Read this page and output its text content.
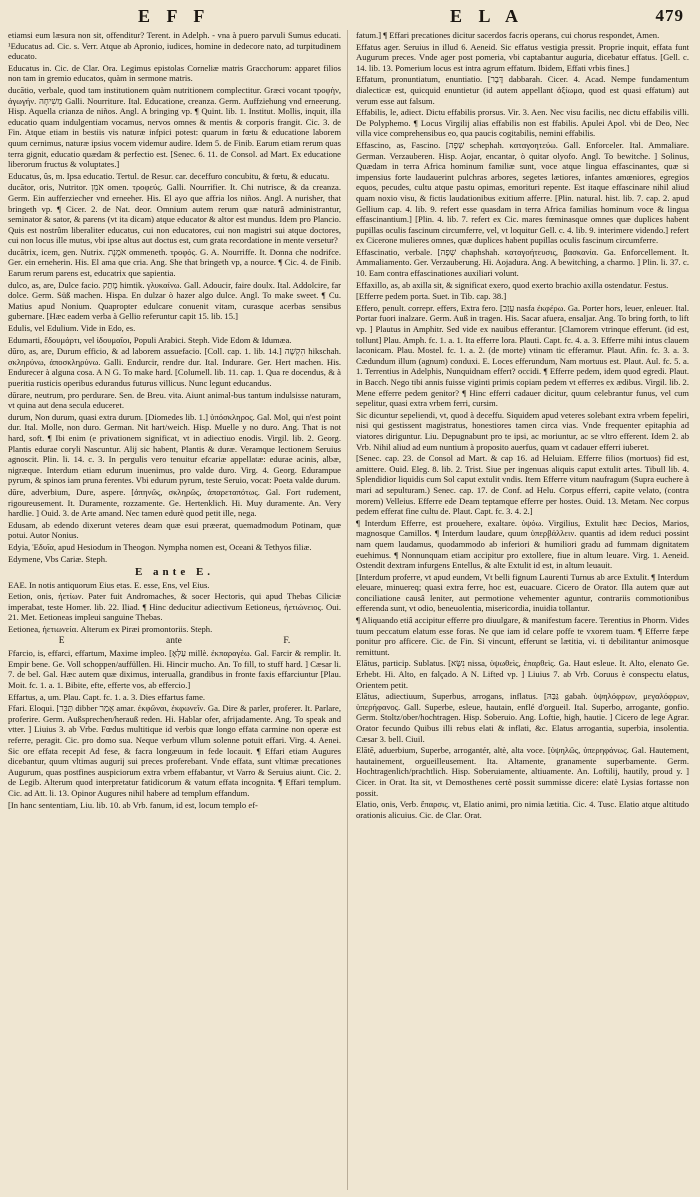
E F F	E L A	479
etiamsi eum læsura non sit, offenditur? Terent. in Adelph. - vna à puero parvuli Sumus educati. ¹Educatus ad. Cic. s. Verr. Atque ab Apronio, iudices, homine in dedecore nato, ad turpitudinem educato.
Educatus in. Cic. de Clar. Ora. Legimus epistolas Corneliæ matris Gracchorum: apparet filios non tam in gremio educatos, quàm in sermone matris.
ducātio, verbale, quod tam institutionem quàm nutritionem complectitur. Græci vocant τροφὴν, ἀγωγήν. מְשִׁיחָה Galli. Nourriture. Ital. Educatione, creanza. Germ. Auffziehung vnd erneerung. Hisp. Aquella crianza de niños. Angl. A bringing vp. ¶ Quint. lib. 1. Institut. Mollis, inquit, illa educatio quam indulgentiam vocamus, nervos omnes & mentis & corporis frangit. Cic. 3. de Fin. Atque etiam in bestiis vis naturæ infpici potest: quarum in fœtu & educatione laborem quum cernimus, naturæ ipsius vocem videmur audire. Idem 5. de Finib. Earum etiam rerum quas terra gignit, educatio quædam & perfectio est. [Senec. 6. 11. de Consol. ad Mart. Ex educatione liberorum fructus & voluptates.]
Educatus, ûs, m. Ipsa educatio. Tertul. de Resur. car. deceffuro concubitu, & fœtu, & educatu.
ducātor, oris, Nutritor. אֹמֵן omen. τροφεύς. Galli. Nourrifier. It. Chi nutrisce, & da creanza. Germ. Ein aufferziecher vnd erneeher. His. El ayo que affria los niños. Angl. A nurisher, that bringeth vp. ¶ Cicer. 2. de Nat. deor. Omnium autem rerum quæ naturâ administrantur, seminator & sator, & parens (vt ita dicam) atque educator & altor est mundus. Idem pro Plancio. Quis est nostrûm liberaliter educatus, cui non educatores, cui non magistri sui atque doctores, cui non locus ille mutus, vbi ipse altus aut doctus est, cum grata recordatione in mente versetur?
ducātrix, icem, gen. Nutrix. אֹמֶנֶת ommeneth. τροφός. G. A. Nourriffe. It. Donna che nodrifce. Ger. ein erneherin. His. El ama que cria. Ang. She that bringeth vp, a nource. ¶ Cic. 4. de Finib. Earum rerum parens est, educatrix que sapientia.
dulco, as, are, Dulce facio. מָתַק himtik. γλυκαίνω. Gall. Adoucir, faire doulx. Ital. Addolcire, far dolce. Germ. Süß machen. Hispa. En dulzar ò hazer algo dulce. Angl. To make sweet. ¶ Cu. Matius apud Nonium. Quapropter edulcare conuenit vitam, curasque acerbas sensibus gubernare. [Hæc eadem verba à Gellio referuntur capit 15. lib. 15.]
Edulis, vel Edulium. Vide in Edo, es.
Edumarti, ἔδουμάρτι, vel ἰδουμαῖοι, Populi Arabici. Steph. Vide Edom & Idumæa.
dūro, as, are, Durum efficio, & ad laborem assuefacio. [Coll. cap. 1. lib. 14.] הִקְשָׁה hikschah. σκληρύνω, ἀποσκληρύνω. Galli. Endurcir, rendre dur. Ital. Indurare. Ger. Hert machen. His. Endurecer à alguna cosa. A N G. To make hard. [Columell. lib. 11. cap. 1. Qua re docendus, & à pueritia rusticis operibus edurandus futurus villicus. Nunc legunt educandus.
dūrare, neutrum, pro perdurare. Sen. de Breu. vita. Aiunt animal-bus tantum indulsisse naturam, vt quina aut dena secula educeret.
durum, Non durum, quasi extra durum. [Diomedes lib. 1.] ὑπόσκληρος. Gal. Mol, qui n'est point dur. Ital. Molle, non duro. German. Nit hart/weich. Hisp. Muelle y no duro. Ang. That is not hard, soft. ¶ Ibi enim (e privationem significat, vt in adiectiuo enodis. Virgil. lib. 2. Georg. Plantis edurae coryli Nascuntur. Alij sic habent, Plantis & duræ. Veramque lectionem Seruius agnoscit. Plin. li. 14. c. 3. In pergulis vero tenuitur efcariæ appellatæ: edurae acinis, albæ, nigræque. Interdum etiam edurum inuenimus, pro valde duro. Virg. 4. Georg. Edurampue pyrum, & spinos iam pruna ferentes. Vbi edurum pyrum, teste Seruio, vocat: Poeta valde durum.
dūre, adverbium, Dure, aspere. [ἀπηνῶς, σκληρῶς, ἀπαρεταπότως. Gal. Fort rudement, rigoureusement. It. Duramente, rozzamente. Ge. Hertenklich. Hi. Muy duramente. An. Very hardlie. ] Ouid. 3. de Arte amand. Nec tamen edurè quod petit ille, nega.
Edusam, ab edendo dixerunt veteres deam quæ esui præerat, quemadmodum Potinam, quæ potui. Autor Nonius.
Edyia, Ἐδυῖα, apud Hesiodum in Theogon. Nympha nomen est, Oceani & Tethyos filiæ.
Edymene, Vbs Cariæ. Steph.
E ante E.
EAE. In notis antiquorum Eius etas. E. esse, Ens, vel Eius.
Eetion, onis, ἠετίων. Pater fuit Andromaches, & socer Hectoris, qui apud Thebas Ciliciæ imperabat, teste Homer. lib. 22. Iliad. ¶ Hinc deducitur adiectivum Eetioneus, ἠετιώνειος. Oui. 21. Met. Eetioneas impleui sanguine Thebas.
Eetionea, ἠετιωνεία. Alterum ex Piræi promontoriis. Steph.
E	ante	F.
Ffarcio, is, effarci, effartum, Maxime impleo. [עַלְּאָ millè. ἐκπαραγέω. Gal. Farcir & remplir. It. Empir bene. Ge. Voll schoppen/auffüllen. Hi. Hincir mucho. An. To fill, to stuff hard. ] Cæsar li. 7. de bel. Gal. Hæc autem quæ diximus, interualla, grandibus in fronte faxis effarciuntur [Plau. Moit. fc. 1. a. 1. Bibite, efte, efferte vos, ab effercio.]
Effartus, a, um. Plau. Capt. fc. 1. a. 3. Dies effartus fame.
Ffari. Eloqui. [תַּבֵּר dibber אָמַר amar. ἐκφῶναι, ἐκφωνεῖν. Ga. Dire & parler, proferer. It. Parlare, proferire. Germ. Außsprechen/herauß reden. Hi. Hablar ofer, afrijadamente. Ang. To speak and vtter. ] Liuius 3. ab Vrbe. Fœdus multitique id verbis quæ longo effata carmine non operæ est referre, peragit. Cic. pro domo sua. Neque verbum vllum solenne potuit effari. Virg. 4. Aenei. Sic ore effata recepit Ad fese, & facra longæuum in fede locauit. ¶ Effari etiam Augures dicebantur, quum vltimas augurij sui preces proferebant. Vnde effata, sunt vltimæ precationes Augurum, quas postfines auspiciorum extra vrbem effabantur, vt Varro & Seruius aiunt. Cic. 2. de Legib. Alterum quod interpretatur fatidicorum & vatum effata incognita. ¶ Effari templum. Cic. ad Att. li. 13. Opinor Augures nihil habere ad templum effandum.
[In hanc sententiam, Liu. lib. 10. ab Vrb. fanum, id est, locum templo ef-
fatum.] ¶ Effari precationes dicitur sacerdos facris operans, cui chorus respondet, Amen.
Effatus ager. Seruius in illud 6. Aeneid. Sic effatus vestigia pressit. Proprie inquit, effata funt Augurum preces. Vnde ager post pomeria, vbi captabantur auguria, dicebatur effatus. [Gell. c. 14. lib. 13. Pomerium locus est intra agrum effatum. Ibidem, Effati vrbis fines.]
Effatum, pronuntiatum, enuntiatio. [דָּבָר dabbarah. Cicer. 4. Acad. Nempe fundamentum dialecticæ est, quicquid enuntietur (id autem appellant ἀξίωμα, quod est quasi effatum) aut verum esse aut falsum.
Effabilis, le, adiect. Dictu effabilis prorsus. Vir. 3. Aen. Nec visu facilis, nec dictu effabilis villi. De Polyphemo. ¶ Locus Virgilij alias effabilis non est ffabilis. Apulei Apol. vbi de Deo, Nec villa vice comprehensibus eo, qua paucis cogitabilis, nemini effabilis.
Effascino, as, Fascino. [שְׁפָה schephah. καταγοητεύω. Gall. Enforceler. Ital. Ammaliare. German. Verzauberen. Hisp. Aojar, encantar, ò quitar olyofo. Angl. To bewitche. ] Solinus, Quædam in terra Africa hominum familiæ sunt, voce atque lingua effascinantes, quæ si impensius forte laudauerint pulchras arbores, segetes lætiores, infantes amœniores, egregios equos, pecudes, cultu atque pastu opimas, emorituri repente. Est itaque effascinare nihil aliud quam noxio visu, & fictis laudationibus exitium afferre. [Plin. natural. hist. lib. 7. cap. 2. apud Gellium cap. 4. lib. 9. refert esse quasdam in terra Africa familias hominum voce & lingua effascinantium.] [Plin. 4. lib. 7. refert ex Cic. mares fœminasque omnes quæ duplices habent pupillas oculis fascinum circumferre, vel, vt loquitur Gell. c. 4. lib. 9. interimere videndo.] refert ex Cicerone mulieres omnes, quæ duplices habent pupillas oculis fascinum circumferre.
Effascinatio, verbale. [שְׁפָה chaphshah. καταγοήτευσις, βασκανία. Ga. Enforcellement. It. Ammaliamento. Ger. Verzauberung. Hi. Aojadura. Ang. A bewitching, a charmo. ] Plin. li. 37. c. 10. Eam contra effascinationes auxiliari volunt.
Effaxillo, as, ab axilla sit, & significat exero, quod exerto brachio axilla ostendatur. Festus.
[Efferre pedem porta. Suet. in Tib. cap. 38.]
Effero, penult. correpr. effers, Extra fero. [עֲזַב nasfa ἐκφέρω. Ga. Porter hors, leuer, enleuer. Ital. Portar fuori inalzare. Germ. Auß in tragen. His. Sacar afuera, ensaljar. Ang. To bring forth, to lift vp. ] Plautus in Amphitr. Sed vide ex nauibus efferantur. [Clamorem vtrinque efferunt. (id est, tollunt] Plau. Amph. fc. 1. a. 1. Ita efferre lora. Plauti. Capt. fc. 4. a. 3. Efferre mihi intus clauem laconicam. Plau. Mostel. fc. 1. a. 2. (de morte) vtinam tic efferamur. Plaut. Afin. fc. 3. a. 3. Cædundum illum (agnum) conduxi. E. Loces efferundum, Nam mortuus est. Plaut. Aul. fc. 5. a. 1. Terrentius in Adelphis, Nunquidnam effert? occidi. ¶ Efferre pedem, idem quod egredi. Plaut. in Bacch. Nego tibi annis fuisse viginti primis copiam pedem vt efferres ex ædibus. Virgil. lib. 2. Mene efferre pedem genitor? ¶ Hinc efferri cadauer dicitur, quum celebrantur funus, vel cum sepelitur, quasi extra vrbem ferri, cursim.
Sic dicuntur sepeliendi, vt, quod à deceffu. Siquidem apud veteres solebant extra vrbem fepeliri, nisi qui gestissent magistratus, honestiores tamen circa vias. Vnde frequenter epitaphia ad viatores diriguntur. Liu. Depugnabunt pro te ipsi, ac moriuntur, ac se vltro efferent. Idem 2. ab Vrb. Nihil aliud ad eum nuntium à proposito auerfus, quam vt cadauer efferri iuberet.
[Senec. cap. 23. de Consol ad Mart. & cap 16. ad Heluiam. Efferre filios (mortuos) fid est, amittere. Ouid. Eleg. 8. lib. 2. Trist. Siue per ingenuas aliquis caput extulit artes. Tibull lib. 4. Splendidior liquidis cum Sol caput extulit vndis. Item Efferre vitum naufragum (Supra euchere à mari ad sepulturam.) Senec. cap. 17. de Conf. ad Helu. Corpus efferri, capite velato, (contra morem) Velleius. Efferre ede Deam teptamque efferre per hostes. Ouid. 13. Metam. Nec corpus pedem efferat fine cultu de. Plaut. Capt. fc. 3. 4. 2.]
¶ Interdum Efferre, est prouehere, exaltare. ὑψόω. Virgilius, Extulit hæc Decios, Marios, magnosque Camillos. ¶ Interdum laudare, quum ὑπερβάλλειν. quantis ad idem reduci possint nam quem laudamus, quodammodo ab inferiori & humiliori gradu ad fummam dignitatem euehimus. ¶ Nonnunquam etiam accipitur pro extollere, fiue in altum leuare. Virg. 1. Aeneid. Ostendit dextram infurgens Entellus, & alte Extulit id est, in altum leuauit.
[Interdum proferre, vt apud eundem, Vt belli fignum Laurenti Turnus ab arce Extulit. ¶ Interdum eleuare, minuereq; quasi extra ferre, hoc est, euacuare. Cicero de Orator. Illa autem quæ aut conciliatione causâ leniter, aut permotione vehementer aguntur, contrariis commotionibus efferenda sunt, vt odio, beneuolentia, misericordia, inuidia tollantur.
¶ Aliquando etiâ accipitur efferre pro diuulgare, & manifestum facere. Terentius in Phorm. Vides tuum peccatum elatum esse foras. Ne que iam id celare poffe te vxorem tuam. ¶ Efferre fæpe ponitur pro afficere. Cic. de Fin. Si vincunt, efferunt se lætitia, vi. ti debilitantur animosque remittunt.
Elātus, particip. Sublatus. [נִשָּׂא nissa, ὑψωθεὶς, ἐπαρθεὶς. Ga. Haut esleue. It. Alto, elenato Ge. Erhebt. Hi. Alto, en falçado. A N. Lifted vp. ] Liuius 7. ab Vrb. Coruus è conspectu elatus, Orientem petit.
Elātus, adiectiuum, Superbus, arrogans, inflatus. [גַּבַּהּ gabah. ὑψηλόφρων, μεγαλόφρων, ὑπερήφανος. Gall. Superbe, esleue, hautain, enflé d'orgueil. Ital. Superbo, arrogante, gonfio. Germ. Stoltz/ober/hochtragen. Hisp. Soberuio. Ang. Loftie, high, hautie. ] Cicero de lege Agrar. Orator fecundo Quibus illi rebus elati & inflati, &c. Elatus arrogantia, superbia, insolentia. Cæsar 3. bell. Ciuil.
Elātē, aduerbium, Superbe, arrogantér, altè, alta voce. [ὑψηλῶς, ὑπερηφάνως. Gal. Hautement, hautainement, orgueilleusement. Ita. Altamente, granamente superbamente. Germ. Hochtragenlich/prachtlich. Hisp. Soberuiamente, altiuamente. An. Loftilij, hautily, proud y. ] Cicer. in Orat. Ita sit, vt Demosthenes certè possit summisse dicere: elatè Lysias fortasse non possit.
Elatio, onis, Verb. ἔπαρσις. vt, Elatio animi, pro nimia lætitia. Cic. 4. Tusc. Elatio atque altitudo orationis alicuius. Cic. de Clar. Orat.
